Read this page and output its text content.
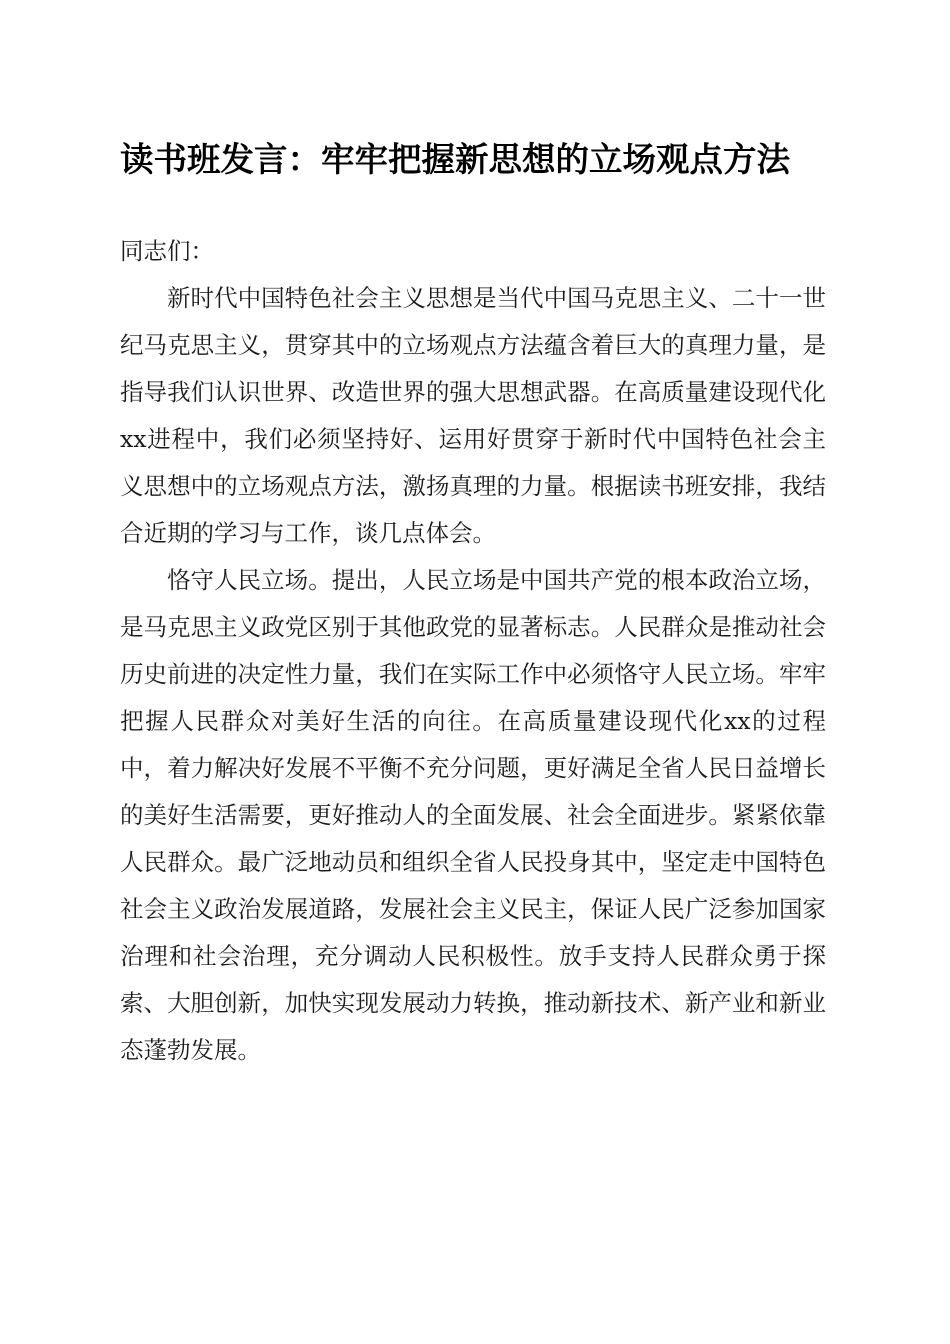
读书班发言：牢牢把握新思想的立场观点方法

同志们：

新时代中国特色社会主义思想是当代中国马克思主义、二十一世纪马克思主义，贯穿其中的立场观点方法蕴含着巨大的真理力量，是指导我们认识世界、改造世界的强大思想武器。在高质量建设现代化xx进程中，我们必须坚持好、运用好贯穿于新时代中国特色社会主义思想中的立场观点方法，激扬真理的力量。根据读书班安排，我结合近期的学习与工作，谈几点体会。

恪守人民立场。提出，人民立场是中国共产党的根本政治立场，是马克思主义政党区别于其他政党的显著标志。人民群众是推动社会历史前进的决定性力量，我们在实际工作中必须恪守人民立场。牢牢把握人民群众对美好生活的向往。在高质量建设现代化xx的过程中，着力解决好发展不平衡不充分问题，更好满足全省人民日益增长的美好生活需要，更好推动人的全面发展、社会全面进步。紧紧依靠人民群众。最广泛地动员和组织全省人民投身其中，坚定走中国特色社会主义政治发展道路，发展社会主义民主，保证人民广泛参加国家治理和社会治理，充分调动人民积极性。放手支持人民群众勇于探索、大胆创新，加快实现发展动力转换，推动新技术、新产业和新业态蓬勃发展。
